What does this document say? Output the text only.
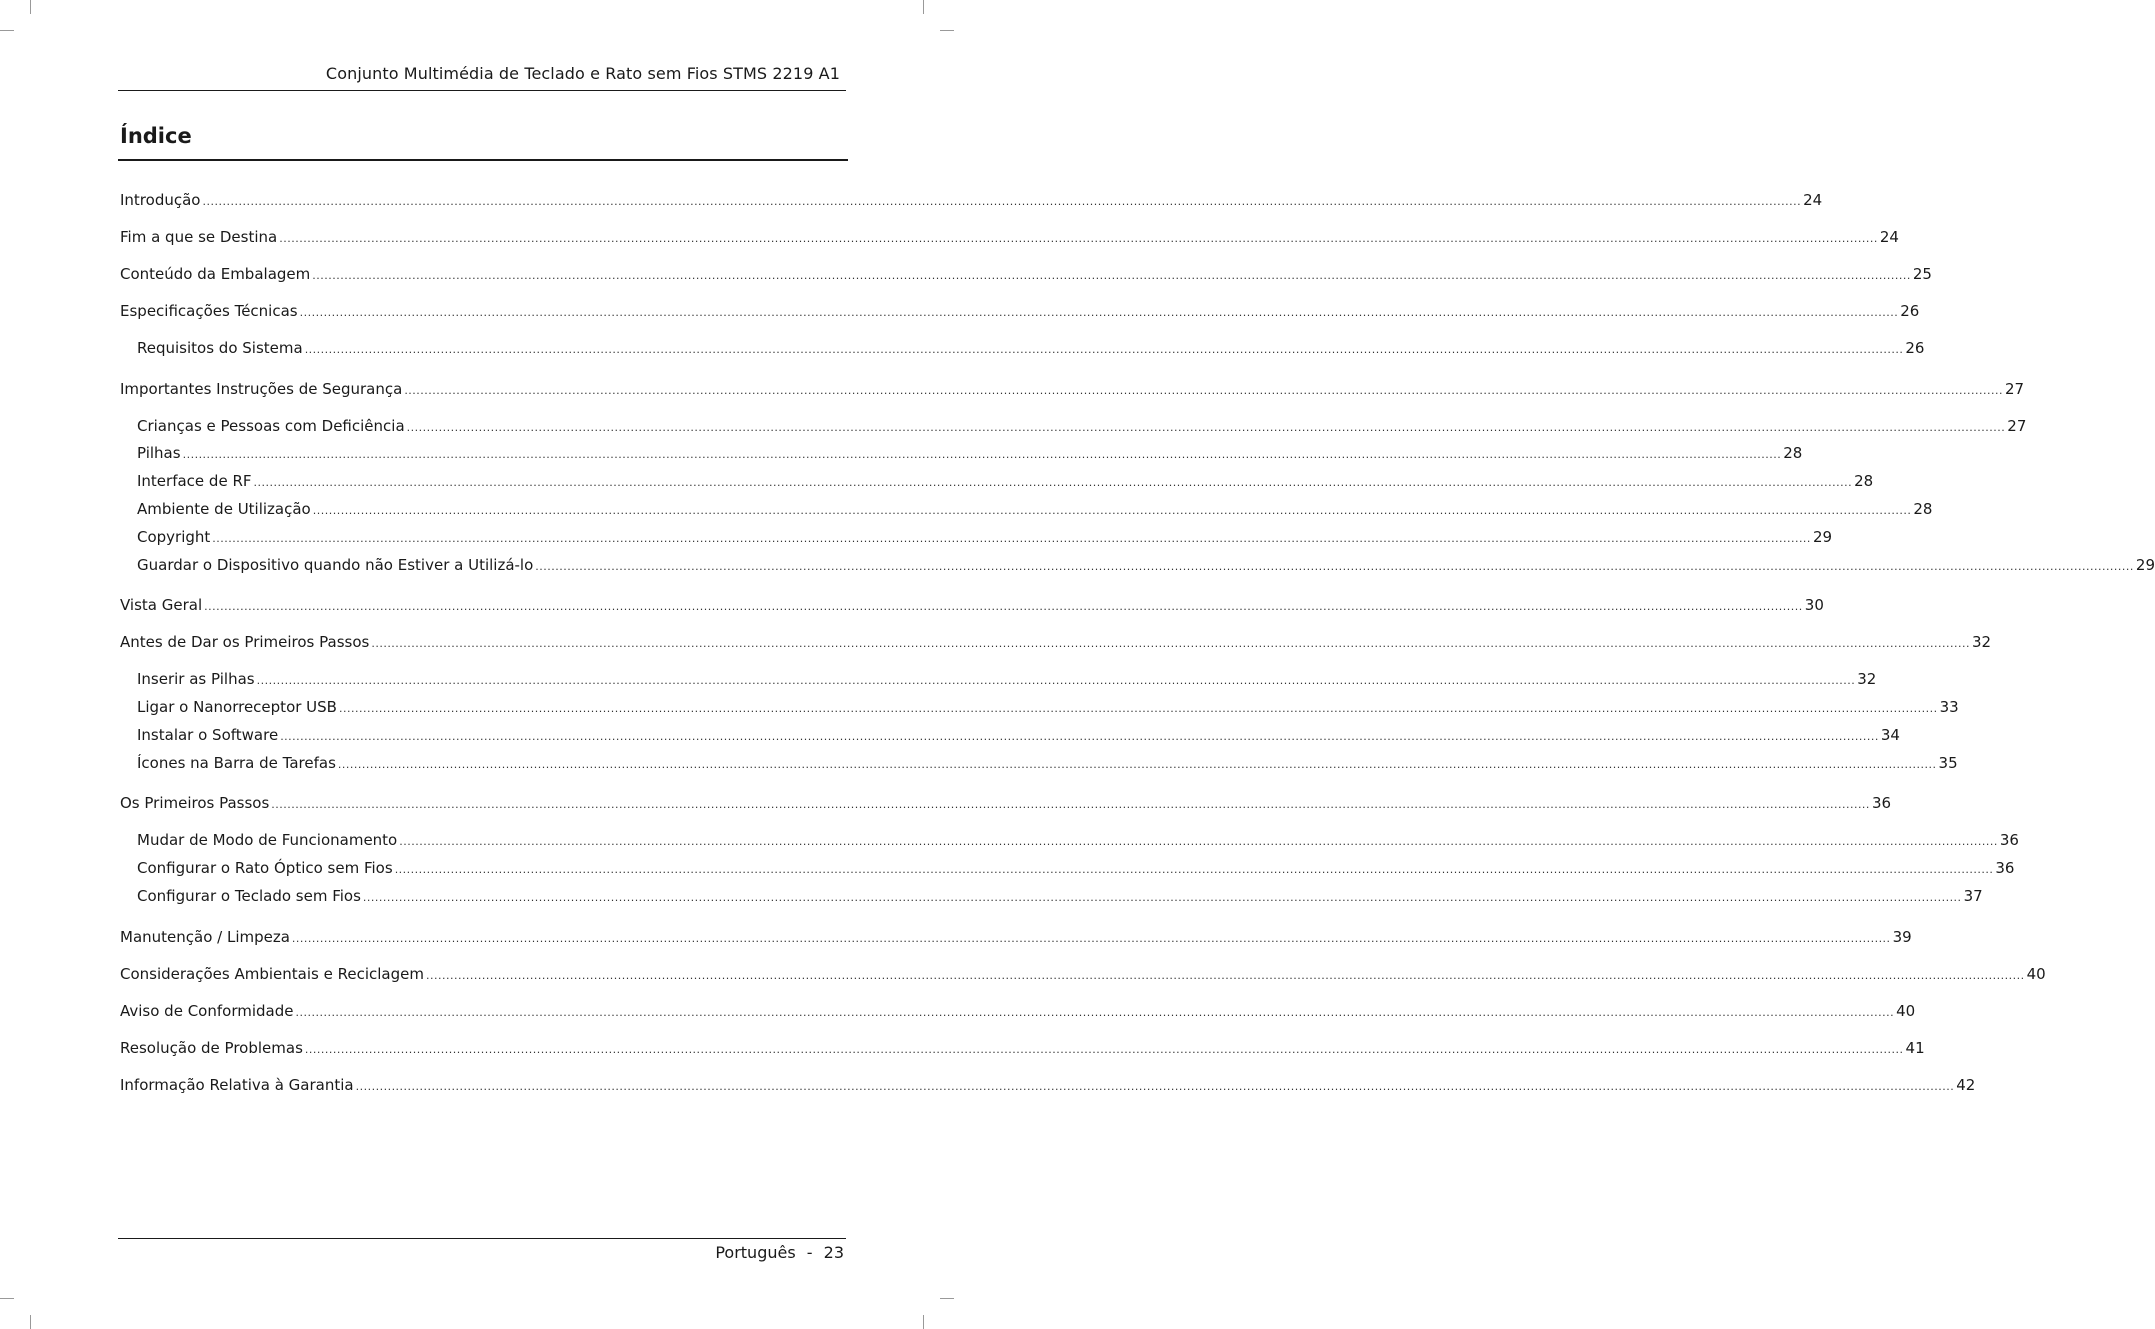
Conjunto Multimédia de Teclado e Rato sem Fios STMS 2219 A1
Índice
Introdução ................................................................................................................................................................................................................................................................................................................................................................................................................ 24
Fim a que se Destina ................................................................................................................................................................................................................................................................................................................................................................................................................ 24
Conteúdo da Embalagem ................................................................................................................................................................................................................................................................................................................................................................................................................ 25
Especificações Técnicas ................................................................................................................................................................................................................................................................................................................................................................................................................ 26
Requisitos do Sistema ................................................................................................................................................................................................................................................................................................................................................................................................................ 26
Importantes Instruções de Segurança ................................................................................................................................................................................................................................................................................................................................................................................................................ 27
Crianças e Pessoas com Deficiência ................................................................................................................................................................................................................................................................................................................................................................................................................ 27
Pilhas ................................................................................................................................................................................................................................................................................................................................................................................................................ 28
Interface de RF ................................................................................................................................................................................................................................................................................................................................................................................................................ 28
Ambiente de Utilização ................................................................................................................................................................................................................................................................................................................................................................................................................ 28
Copyright ................................................................................................................................................................................................................................................................................................................................................................................................................ 29
Guardar o Dispositivo quando não Estiver a Utilizá-lo ................................................................................................................................................................................................................................................................................................................................................................................................................ 29
Vista Geral ................................................................................................................................................................................................................................................................................................................................................................................................................ 30
Antes de Dar os Primeiros Passos ................................................................................................................................................................................................................................................................................................................................................................................................................ 32
Inserir as Pilhas ................................................................................................................................................................................................................................................................................................................................................................................................................ 32
Ligar o Nanorreceptor USB ................................................................................................................................................................................................................................................................................................................................................................................................................ 33
Instalar o Software ................................................................................................................................................................................................................................................................................................................................................................................................................ 34
Ícones na Barra de Tarefas ................................................................................................................................................................................................................................................................................................................................................................................................................ 35
Os Primeiros Passos ................................................................................................................................................................................................................................................................................................................................................................................................................ 36
Mudar de Modo de Funcionamento ................................................................................................................................................................................................................................................................................................................................................................................................................ 36
Configurar o Rato Óptico sem Fios ................................................................................................................................................................................................................................................................................................................................................................................................................ 36
Configurar o Teclado sem Fios ................................................................................................................................................................................................................................................................................................................................................................................................................ 37
Manutenção / Limpeza ................................................................................................................................................................................................................................................................................................................................................................................................................ 39
Considerações Ambientais e Reciclagem ................................................................................................................................................................................................................................................................................................................................................................................................................ 40
Aviso de Conformidade ................................................................................................................................................................................................................................................................................................................................................................................................................ 40
Resolução de Problemas ................................................................................................................................................................................................................................................................................................................................................................................................................ 41
Informação Relativa à Garantia ................................................................................................................................................................................................................................................................................................................................................................................................................ 42
Português - 23
